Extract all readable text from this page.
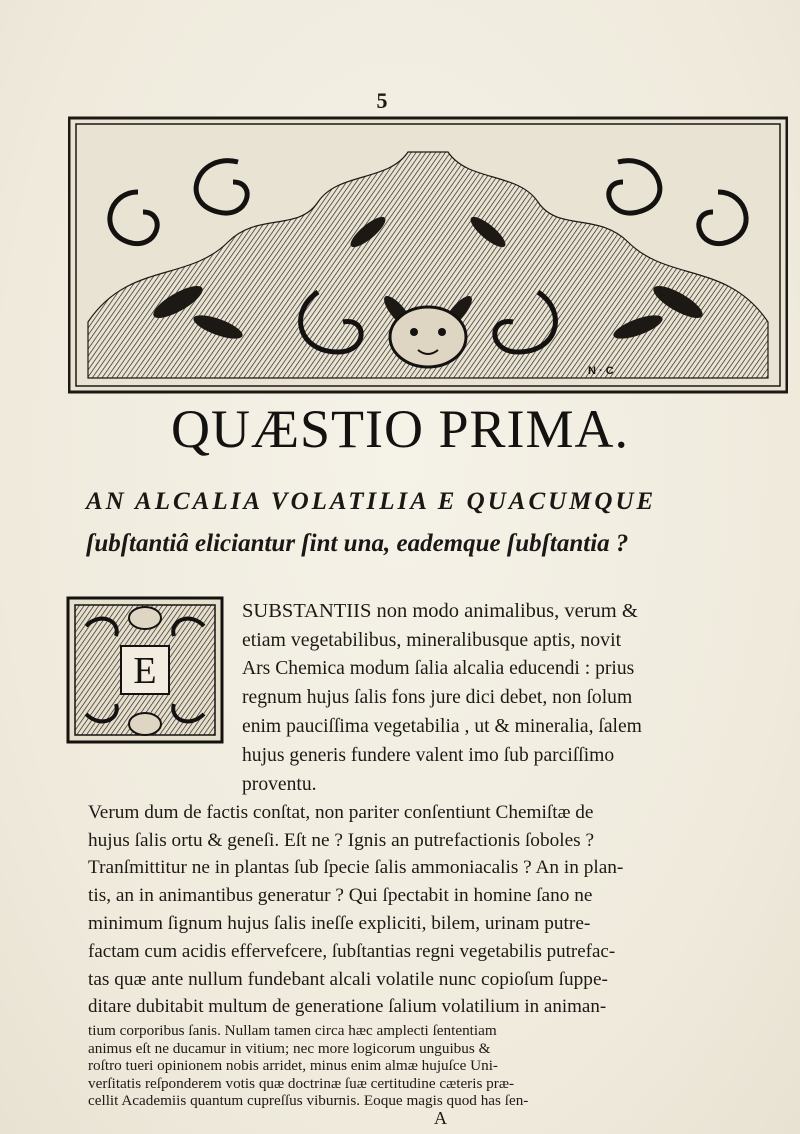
5
N · C
QUÆSTIO PRIMA.
AN ALCALIA VOLATILIA E QUACUMQUE
ſubſtantiâ eliciantur ſint una, eademque ſubſtantia ?
E
SUBSTANTIIS non modo animalibus, verum &
etiam vegetabilibus, mineralibusque aptis, novit
Ars Chemica modum ſalia alcalia educendi : prius
regnum hujus ſalis fons jure dici debet, non ſolum
enim pauciſſima vegetabilia , ut & mineralia, ſalem
hujus generis fundere valent imo ſub parciſſimo
proventu.
Verum dum de factis conſtat, non pariter conſentiunt Chemiſtæ de
hujus ſalis ortu & geneſi. Eſt ne ? Ignis an putrefactionis ſoboles ?
Tranſmittitur ne in plantas ſub ſpecie ſalis ammoniacalis ? An in plan-
tis, an in animantibus generatur ? Qui ſpectabit in homine ſano ne
minimum ſignum hujus ſalis ineſſe expliciti, bilem, urinam putre-
factam cum acidis effervefcere, ſubſtantias regni vegetabilis putrefac-
tas quæ ante nullum fundebant alcali volatile nunc copioſum ſuppe-
ditare dubitabit multum de generatione ſalium volatilium in animan-
tium corporibus ſanis. Nullam tamen circa hæc amplecti ſententiam
animus eſt ne ducamur in vitium; nec more logicorum unguibus &
roſtro tueri opinionem nobis arridet, minus enim almæ hujuſce Uni-
verſitatis reſponderem votis quæ doctrinæ ſuæ certitudine cæteris præ-
cellit Academiis quantum cupreſſus viburnis. Eoque magis quod has ſen-
A
